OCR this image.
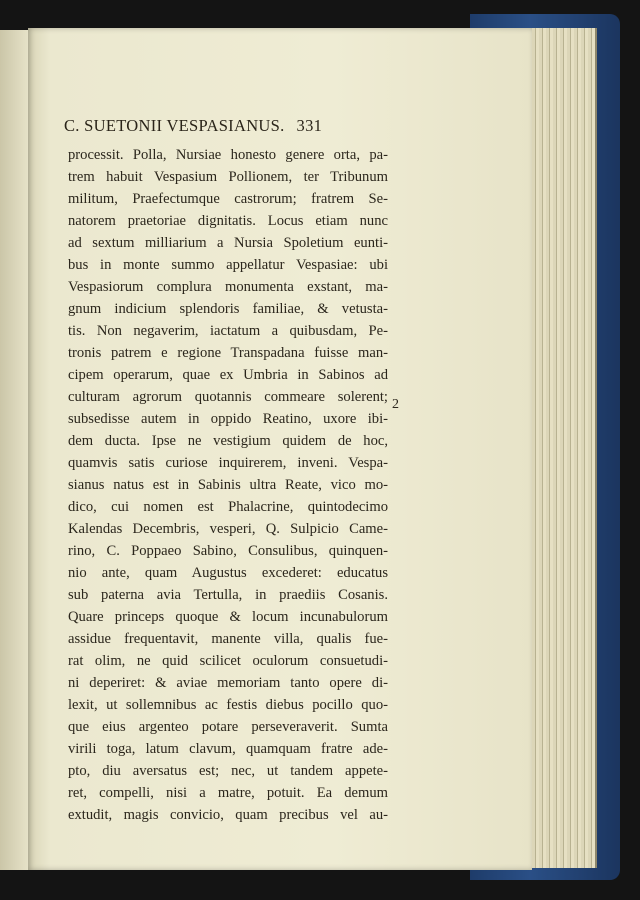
C. SUETONII VESPASIANUS. 331
processit. Polla, Nursiae honesto genere orta, pa-
trem habuit Vespasium Pollionem, ter Tribunum
militum, Praefectumque castrorum; fratrem Se-
natorem praetoriae dignitatis. Locus etiam nunc
ad sextum milliarium a Nursia Spoletium eunti-
bus in monte summo appellatur Vespasiae: ubi
Vespasiorum complura monumenta exstant, ma-
gnum indicium splendoris familiae, & vetusta-
tis. Non negaverim, iactatum a quibusdam, Pe-
tronis patrem e regione Transpadana fuisse man-
cipem operarum, quae ex Umbria in Sabinos ad
culturam agrorum quotannis commeare solerent;
subsedisse autem in oppido Reatino, uxore ibi-
dem ducta. Ipse ne vestigium quidem de hoc,
quamvis satis curiose inquirerem, inveni. Vespa-
sianus natus est in Sabinis ultra Reate, vico mo-
dico, cui nomen est Phalacrine, quintodecimo
Kalendas Decembris, vesperi, Q. Sulpicio Came-
rino, C. Poppaeo Sabino, Consulibus, quinquen-
nio ante, quam Augustus excederet: educatus
sub paterna avia Tertulla, in praediis Cosanis.
Quare princeps quoque & locum incunabulorum
assidue frequentavit, manente villa, qualis fue-
rat olim, ne quid scilicet oculorum consuetudi-
ni deperiret: & aviae memoriam tanto opere di-
lexit, ut sollemnibus ac festis diebus pocillo quo-
que eius argenteo potare perseveraverit. Sumta
virili toga, latum clavum, quamquam fratre ade-
pto, diu aversatus est; nec, ut tandem appete-
ret, compelli, nisi a matre, potuit. Ea demum
extudit, magis convicio, quam precibus vel au-
2
